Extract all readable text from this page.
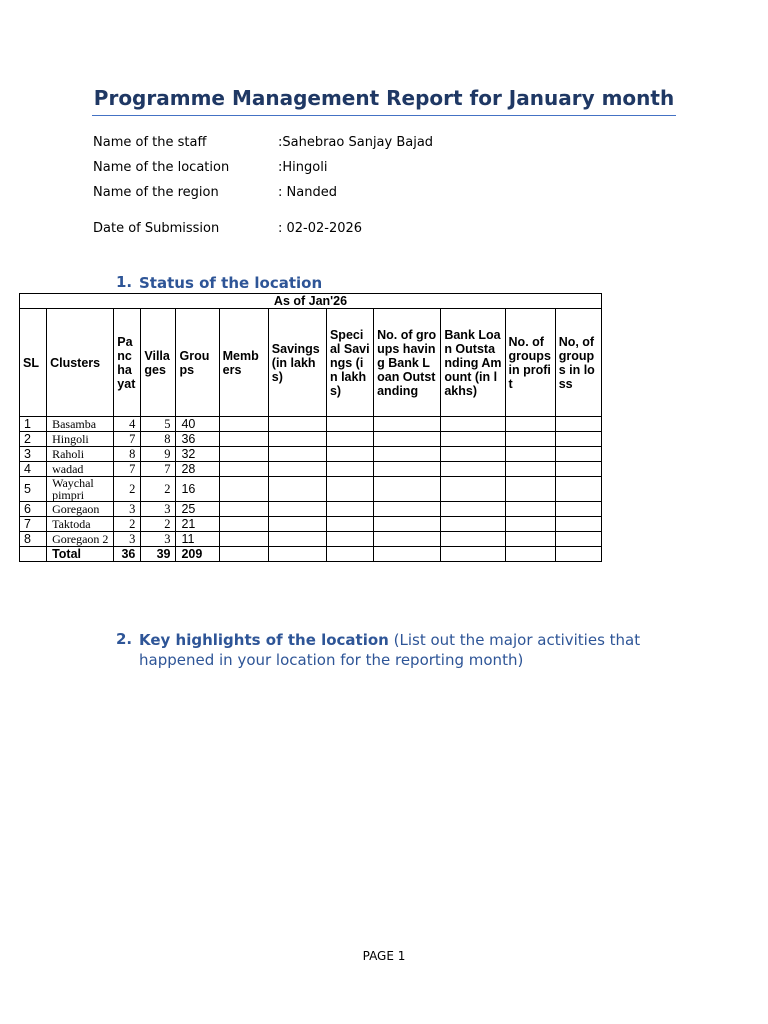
Programme Management Report for January month
Name of the staff	:Sahebrao Sanjay Bajad
Name of the location	:Hingoli
Name of the region	: Nanded
Date of Submission	: 02-02-2026
1. Status of the location
As of Jan'26											
SL	Clusters	Panchayat	Villages	Groups	Members	Savings (in lakhs)	Special Savings (in lakhs)	No. of groups having Bank Loan Outstanding	Bank Loan Outstanding Amount (in lakhs)	No. of groups in profit	No, of groups in loss
1	Basamba	4	5	40							
2	Hingoli	7	8	36							
3	Raholi	8	9	32							
4	wadad	7	7	28							
5	Waychal pimpri	2	2	16							
6	Goregaon	3	3	25							
7	Taktoda	2	2	21							
8	Goregaon 2	3	3	11							
	Total	36	39	209							
2. Key highlights of the location (List out the major activities that happened in your location for the reporting month)
PAGE 1
